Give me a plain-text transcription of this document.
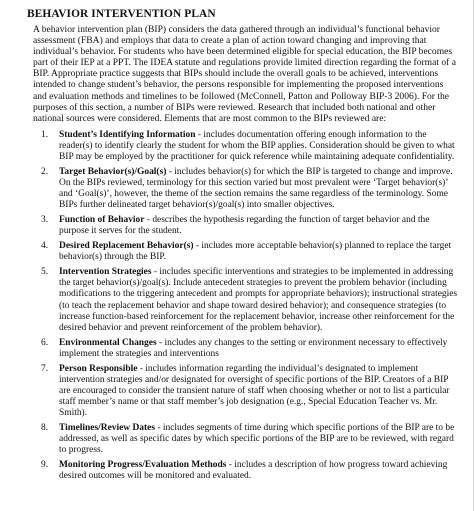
BEHAVIOR INTERVENTION PLAN
A behavior intervention plan (BIP) considers the data gathered through an individual’s functional behavior assessment (FBA) and employs that data to create a plan of action toward changing and improving that individual’s behavior. For students who have been determined eligible for special education, the BIP becomes part of their IEP at a PPT. The IDEA statute and regulations provide limited direction regarding the format of a BIP. Appropriate practice suggests that BIPs should include the overall goals to be achieved, interventions intended to change student’s behavior, the persons responsible for implementing the proposed interventions and evaluation methods and timelines to be followed (McConnell, Patton and Polloway BIP-3 2006). For the purposes of this section, a number of BIPs were reviewed. Research that included both national and other national sources were considered. Elements that are most common to the BIPs reviewed are:
1. Student’s Identifying Information - includes documentation offering enough information to the reader(s) to identify clearly the student for whom the BIP applies. Consideration should be given to what BIP may be employed by the practitioner for quick reference while maintaining adequate confidentiality.
2. Target Behavior(s)/Goal(s) - includes behavior(s) for which the BIP is targeted to change and improve. On the BIPs reviewed, terminology for this section varied but most prevalent were ‘Target behavior(s)’ and ‘Goal(s)’, however, the theme of the section remains the same regardless of the terminology. Some BIPs further delineated target behavior(s)/goal(s) into smaller objectives.
3. Function of Behavior - describes the hypothesis regarding the function of target behavior and the purpose it serves for the student.
4. Desired Replacement Behavior(s) - includes more acceptable behavior(s) planned to replace the target behavior(s) through the BIP.
5. Intervention Strategies - includes specific interventions and strategies to be implemented in addressing the target behavior(s)/goal(s). Include antecedent strategies to prevent the problem behavior (including modifications to the triggering antecedent and prompts for appropriate behaviors); instructional strategies (to teach the replacement behavior and shape toward desired behavior); and consequence strategies (to increase function-based reinforcement for the replacement behavior, increase other reinforcement for the desired behavior and prevent reinforcement of the problem behavior).
6. Environmental Changes - includes any changes to the setting or environment necessary to effectively implement the strategies and interventions
7. Person Responsible - includes information regarding the individual’s designated to implement intervention strategies and/or designated for oversight of specific portions of the BIP. Creators of a BIP are encouraged to consider the transient nature of staff when choosing whether or not to list a particular staff member’s name or that staff member’s job designation (e.g., Special Education Teacher vs. Mr. Smith).
8. Timelines/Review Dates - includes segments of time during which specific portions of the BIP are to be addressed, as well as specific dates by which specific portions of the BIP are to be reviewed, with regard to progress.
9. Monitoring Progress/Evaluation Methods - includes a description of how progress toward achieving desired outcomes will be monitored and evaluated.
